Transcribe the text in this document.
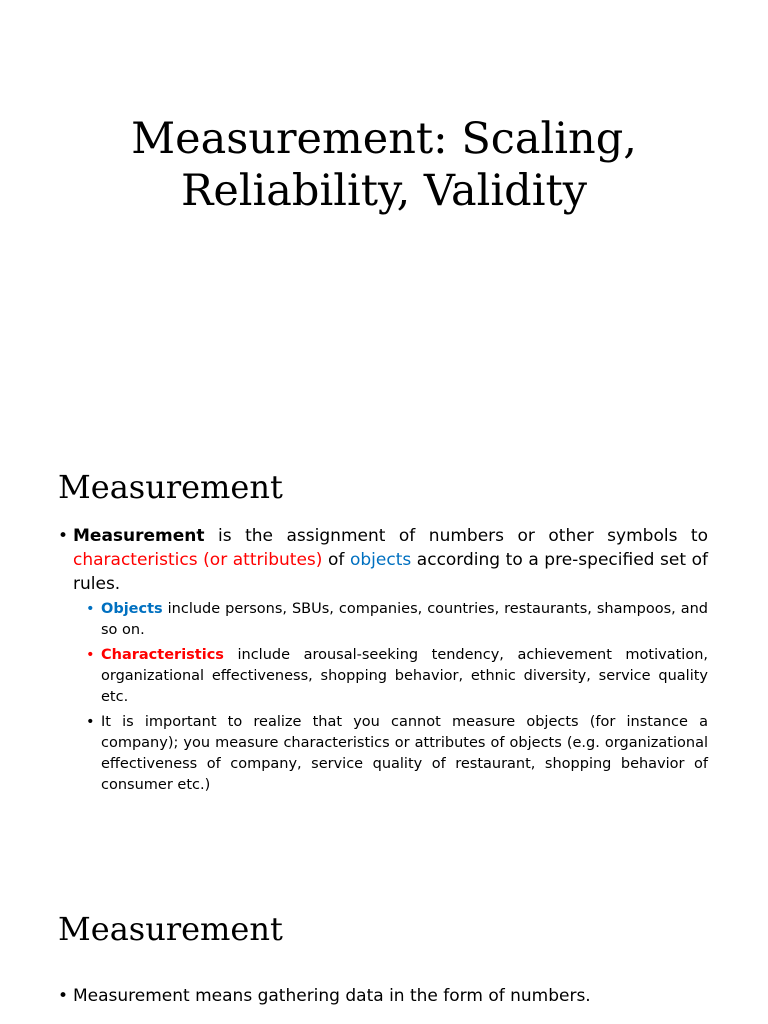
Measurement: Scaling,
Reliability, Validity
Measurement
• Measurement is the assignment of numbers or other symbols to characteristics (or attributes) of objects according to a pre-specified set of rules.
• Objects include persons, SBUs, companies, countries, restaurants, shampoos, and so on.
• Characteristics include arousal-seeking tendency, achievement motivation, organizational effectiveness, shopping behavior, ethnic diversity, service quality etc.
• It is important to realize that you cannot measure objects (for instance a company); you measure characteristics or attributes of objects (e.g. organizational effectiveness of company, service quality of restaurant, shopping behavior of consumer etc.)
Measurement
• Measurement means gathering data in the form of numbers.
